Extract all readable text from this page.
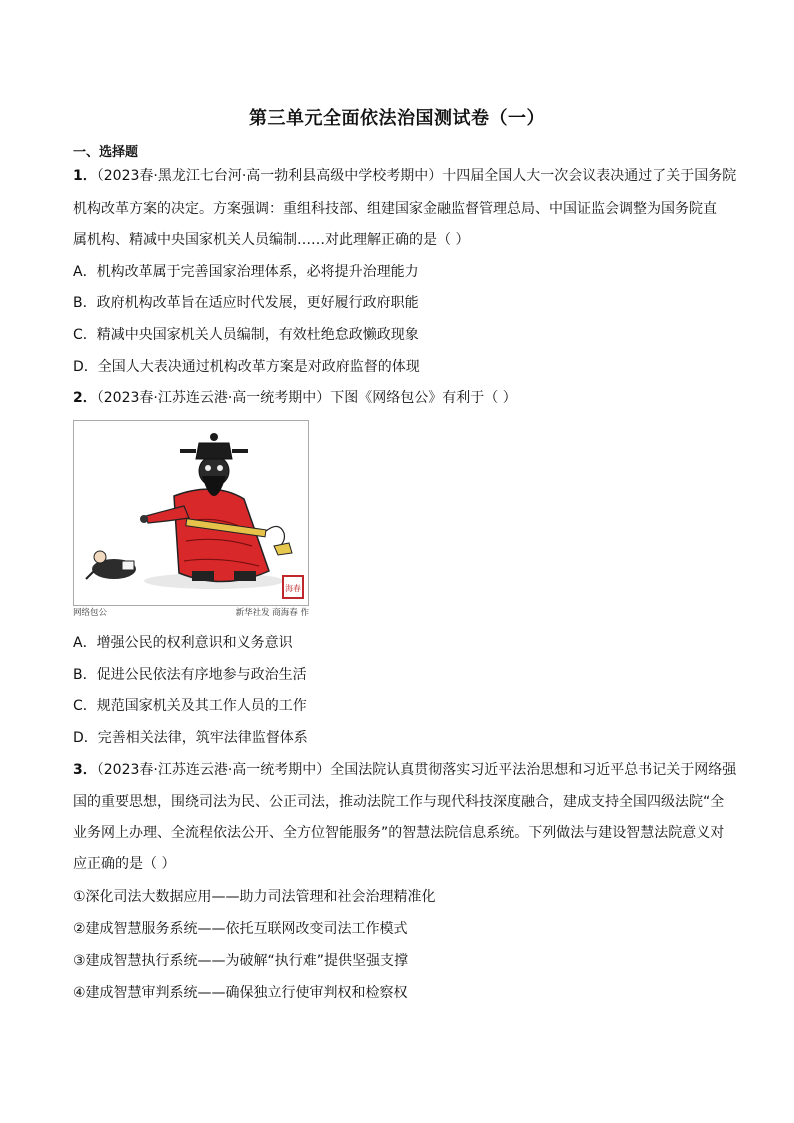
第三单元全面依法治国测试卷（一）
一、选择题
1．（2023春·黑龙江七台河·高一勃利县高级中学校考期中）十四届全国人大一次会议表决通过了关于国务院
机构改革方案的决定。方案强调：重组科技部、组建国家金融监督管理总局、中国证监会调整为国务院直
属机构、精减中央国家机关人员编制……对此理解正确的是（ ）
A．机构改革属于完善国家治理体系，必将提升治理能力
B．政府机构改革旨在适应时代发展，更好履行政府职能
C．精减中央国家机关人员编制，有效杜绝怠政懒政现象
D．全国人大表决通过机构改革方案是对政府监督的体现
2．（2023春·江苏连云港·高一统考期中）下图《网络包公》有利于（ ）
海春
网络包公	新华社发 商海春 作
A．增强公民的权利意识和义务意识
B．促进公民依法有序地参与政治生活
C．规范国家机关及其工作人员的工作
D．完善相关法律，筑牢法律监督体系
3．（2023春·江苏连云港·高一统考期中）全国法院认真贯彻落实习近平法治思想和习近平总书记关于网络强
国的重要思想，围绕司法为民、公正司法，推动法院工作与现代科技深度融合，建成支持全国四级法院“全
业务网上办理、全流程依法公开、全方位智能服务”的智慧法院信息系统。下列做法与建设智慧法院意义对
应正确的是（ ）
①深化司法大数据应用——助力司法管理和社会治理精准化
②建成智慧服务系统——依托互联网改变司法工作模式
③建成智慧执行系统——为破解“执行难”提供坚强支撑
④建成智慧审判系统——确保独立行使审判权和检察权
